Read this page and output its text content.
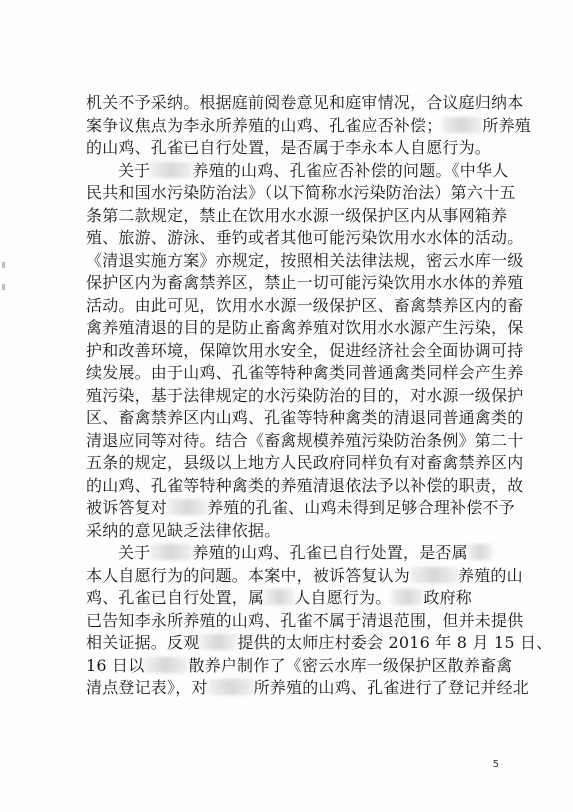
机关不予采纳。根据庭前阅卷意见和庭审情况，合议庭归纳本
案争议焦点为李永所养殖的山鸡、孔雀应否补偿；	所养殖
的山鸡、孔雀已自行处置，是否属于李永本人自愿行为。
关于	养殖的山鸡、孔雀应否补偿的问题。《中华人
民共和国水污染防治法》（以下简称水污染防治法）第六十五
条第二款规定，禁止在饮用水水源一级保护区内从事网箱养
殖、旅游、游泳、垂钓或者其他可能污染饮用水水体的活动。
《清退实施方案》亦规定，按照相关法律法规，密云水库一级
保护区内为畜禽禁养区，禁止一切可能污染饮用水水体的养殖
活动。由此可见，饮用水水源一级保护区、畜禽禁养区内的畜
禽养殖清退的目的是防止畜禽养殖对饮用水水源产生污染，保
护和改善环境，保障饮用水安全，促进经济社会全面协调可持
续发展。由于山鸡、孔雀等特种禽类同普通禽类同样会产生养
殖污染，基于法律规定的水污染防治的目的，对水源一级保护
区、畜禽禁养区内山鸡、孔雀等特种禽类的清退同普通禽类的
清退应同等对待。结合《畜禽规模养殖污染防治条例》第二十
五条的规定，县级以上地方人民政府同样负有对畜禽禁养区内
的山鸡、孔雀等特种禽类的养殖清退依法予以补偿的职责，故
被诉答复对	养殖的孔雀、山鸡未得到足够合理补偿不予
采纳的意见缺乏法律依据。
关于	养殖的山鸡、孔雀已自行处置，是否属
本人自愿行为的问题。本案中，被诉答复认为	养殖的山
鸡、孔雀已自行处置，属 人自愿行为。 政府称
已告知李永所养殖的山鸡、孔雀不属于清退范围，但并未提供
相关证据。反观 提供的太师庄村委会 2016 年 8 月 15 日、
16 日以	散养户制作了《密云水库一级保护区散养畜禽
清点登记表》，对	所养殖的山鸡、孔雀进行了登记并经北
5
